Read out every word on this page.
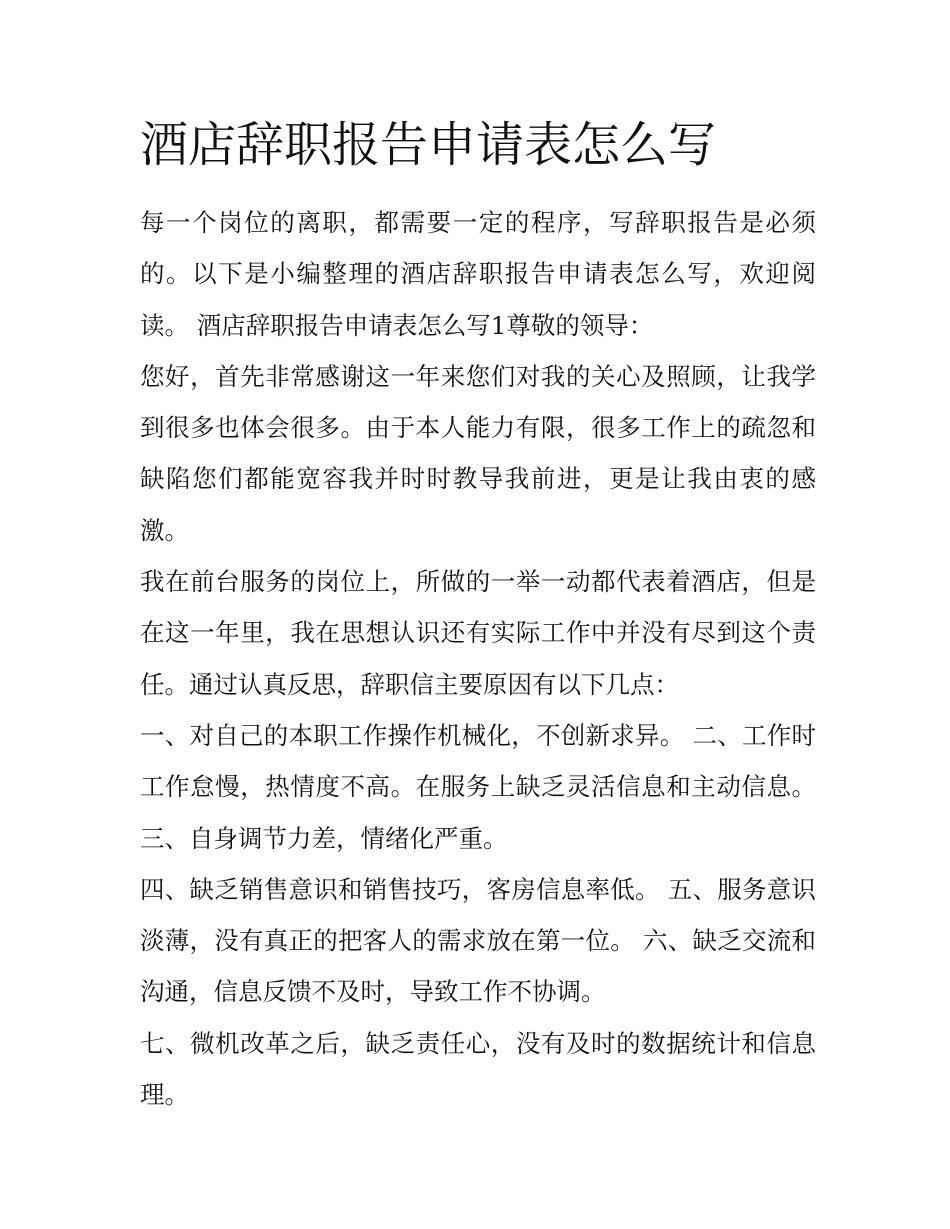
酒店辞职报告申请表怎么写

每一个岗位的离职，都需要一定的程序，写辞职报告是必须的。以下是小编整理的酒店辞职报告申请表怎么写，欢迎阅读。 酒店辞职报告申请表怎么写1尊敬的领导：

您好，首先非常感谢这一年来您们对我的关心及照顾，让我学到很多也体会很多。由于本人能力有限，很多工作上的疏忽和缺陷您们都能宽容我并时时教导我前进，更是让我由衷的感激。

我在前台服务的岗位上，所做的一举一动都代表着酒店，但是在这一年里，我在思想认识还有实际工作中并没有尽到这个责任。通过认真反思，辞职信主要原因有以下几点：

一、对自己的本职工作操作机械化，不创新求异。 二、工作时工作怠慢，热情度不高。在服务上缺乏灵活信息和主动信息。 三、自身调节力差，情绪化严重。

四、缺乏销售意识和销售技巧，客房信息率低。 五、服务意识淡薄，没有真正的把客人的需求放在第一位。 六、缺乏交流和沟通，信息反馈不及时，导致工作不协调。

七、微机改革之后，缺乏责任心，没有及时的数据统计和信息理。
